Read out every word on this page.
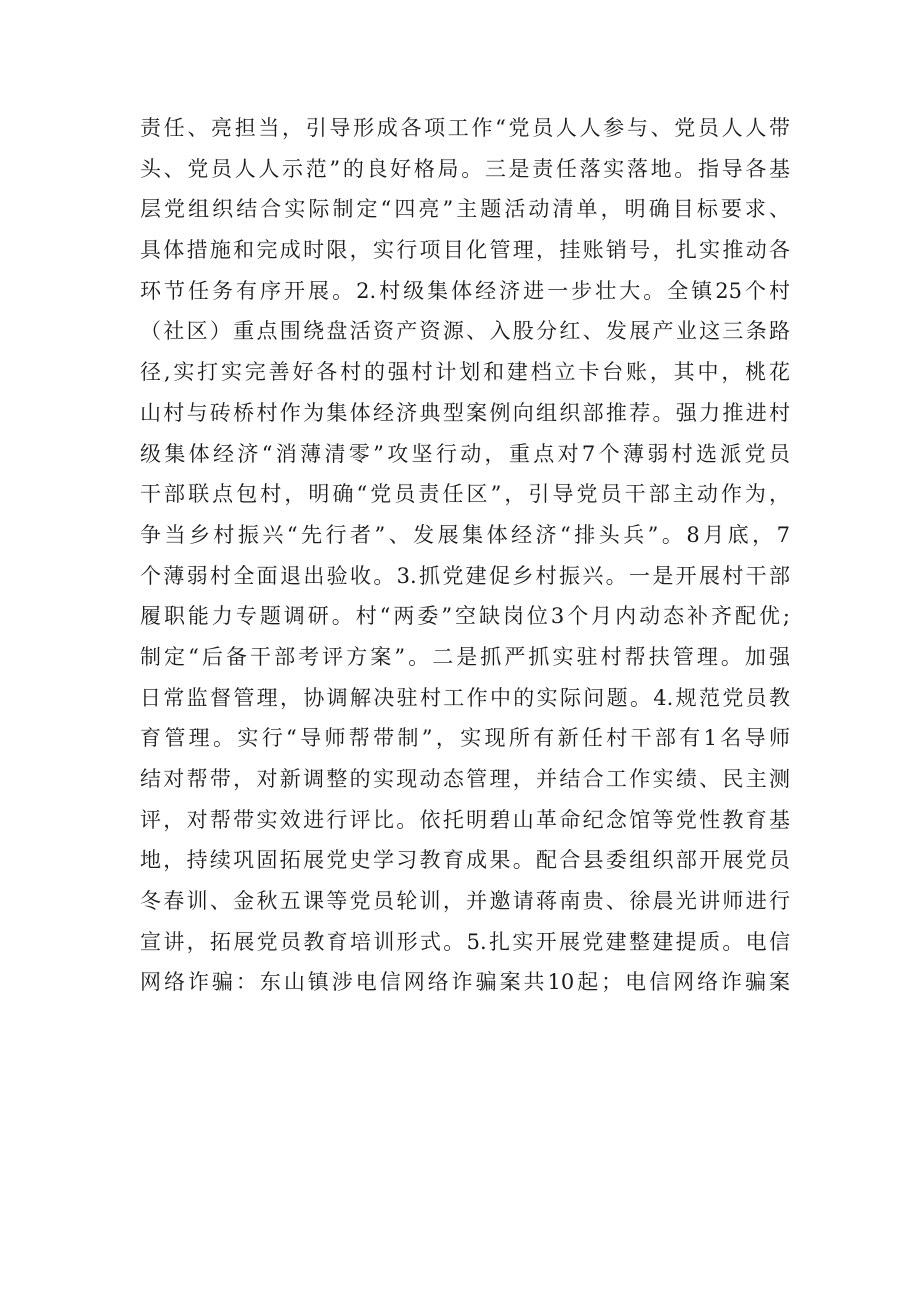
责任、亮担当，引导形成各项工作“党员人人参与、党员人人带
头、党员人人示范”的良好格局。三是责任落实落地。指导各基
层党组织结合实际制定“四亮”主题活动清单，明确目标要求、
具体措施和完成时限，实行项目化管理，挂账销号，扎实推动各
环节任务有序开展。2.村级集体经济进一步壮大。全镇25个村
（社区）重点围绕盘活资产资源、入股分红、发展产业这三条路
径,实打实完善好各村的强村计划和建档立卡台账，其中，桃花
山村与砖桥村作为集体经济典型案例向组织部推荐。强力推进村
级集体经济“消薄清零”攻坚行动，重点对7个薄弱村选派党员
干部联点包村，明确“党员责任区”，引导党员干部主动作为，
争当乡村振兴“先行者”、发展集体经济“排头兵”。8月底，7
个薄弱村全面退出验收。3.抓党建促乡村振兴。一是开展村干部
履职能力专题调研。村“两委”空缺岗位3个月内动态补齐配优;
制定“后备干部考评方案”。二是抓严抓实驻村帮扶管理。加强
日常监督管理，协调解决驻村工作中的实际问题。4.规范党员教
育管理。实行“导师帮带制”，实现所有新任村干部有1名导师
结对帮带，对新调整的实现动态管理，并结合工作实绩、民主测
评，对帮带实效进行评比。依托明碧山革命纪念馆等党性教育基
地，持续巩固拓展党史学习教育成果。配合县委组织部开展党员
冬春训、金秋五课等党员轮训，并邀请蒋南贵、徐晨光讲师进行
宣讲，拓展党员教育培训形式。5.扎实开展党建整建提质。电信
网络诈骗：东山镇涉电信网络诈骗案共10起；电信网络诈骗案
